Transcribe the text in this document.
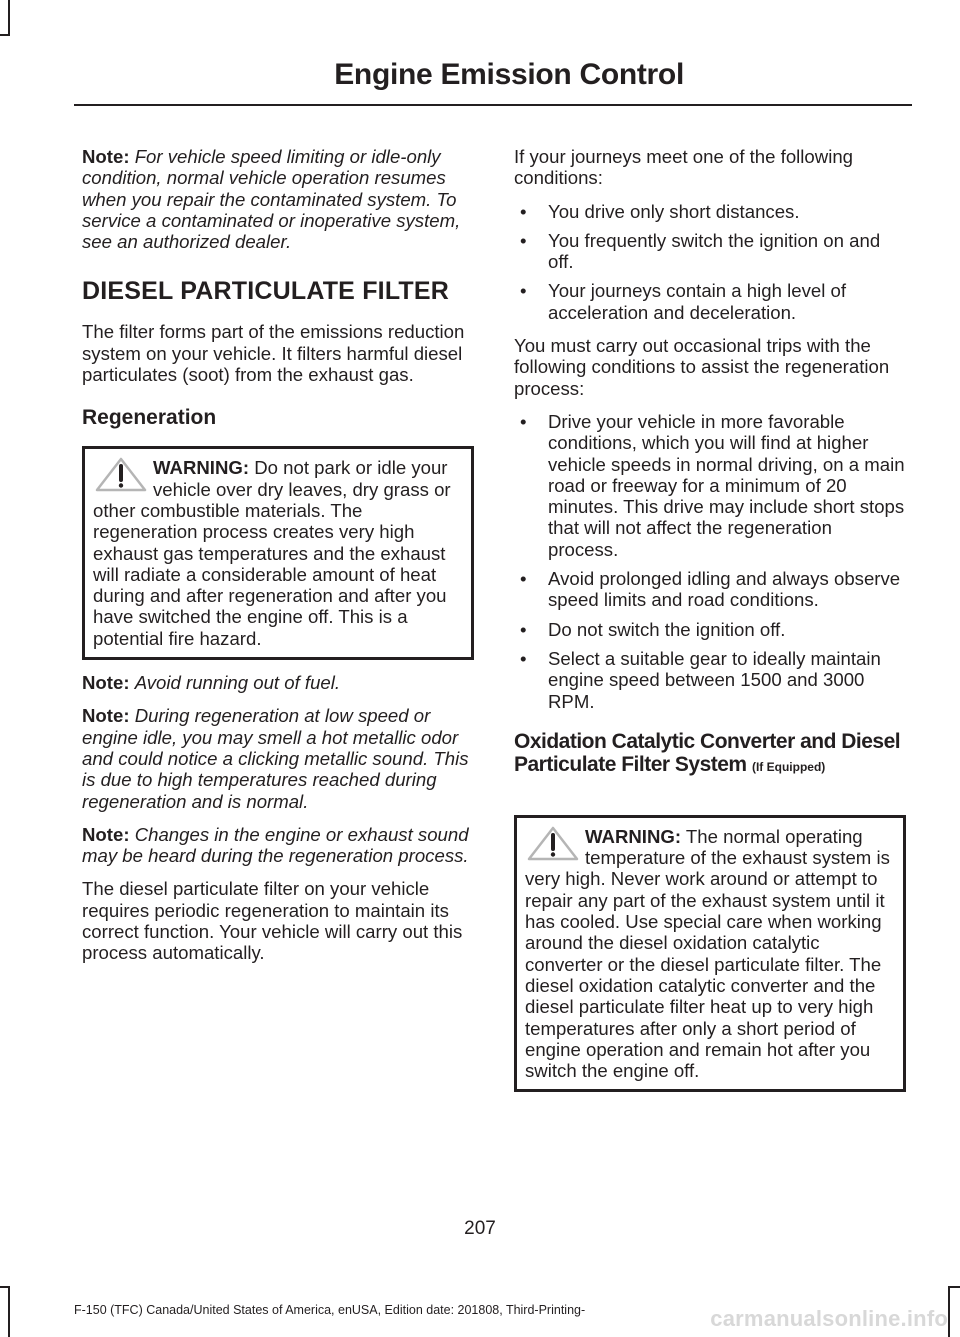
Engine Emission Control

Note: For vehicle speed limiting or idle-only condition, normal vehicle operation resumes when you repair the contaminated system. To service a contaminated or inoperative system, see an authorized dealer.

DIESEL PARTICULATE FILTER

The filter forms part of the emissions reduction system on your vehicle. It filters harmful diesel particulates (soot) from the exhaust gas.

Regeneration
WARNING: Do not park or idle your vehicle over dry leaves, dry grass or other combustible materials. The regeneration process creates very high exhaust gas temperatures and the exhaust will radiate a considerable amount of heat during and after regeneration and after you have switched the engine off. This is a potential fire hazard.

Note: Avoid running out of fuel.

Note: During regeneration at low speed or engine idle, you may smell a hot metallic odor and could notice a clicking metallic sound. This is due to high temperatures reached during regeneration and is normal.

Note: Changes in the engine or exhaust sound may be heard during the regeneration process.

The diesel particulate filter on your vehicle requires periodic regeneration to maintain its correct function. Your vehicle will carry out this process automatically.

If your journeys meet one of the following conditions:

• You drive only short distances.
• You frequently switch the ignition on and off.
• Your journeys contain a high level of acceleration and deceleration.

You must carry out occasional trips with the following conditions to assist the regeneration process:

• Drive your vehicle in more favorable conditions, which you will find at higher vehicle speeds in normal driving, on a main road or freeway for a minimum of 20 minutes. This drive may include short stops that will not affect the regeneration process.
• Avoid prolonged idling and always observe speed limits and road conditions.
• Do not switch the ignition off.
• Select a suitable gear to ideally maintain engine speed between 1500 and 3000 RPM.
Oxidation Catalytic Converter and Diesel Particulate Filter System (If Equipped)
WARNING: The normal operating temperature of the exhaust system is very high. Never work around or attempt to repair any part of the exhaust system until it has cooled. Use special care when working around the diesel oxidation catalytic converter or the diesel particulate filter. The diesel oxidation catalytic converter and the diesel particulate filter heat up to very high temperatures after only a short period of engine operation and remain hot after you switch the engine off.
207
F-150 (TFC) Canada/United States of America, enUSA, Edition date: 201808, Third-Printing-	carmanualsonline.info
